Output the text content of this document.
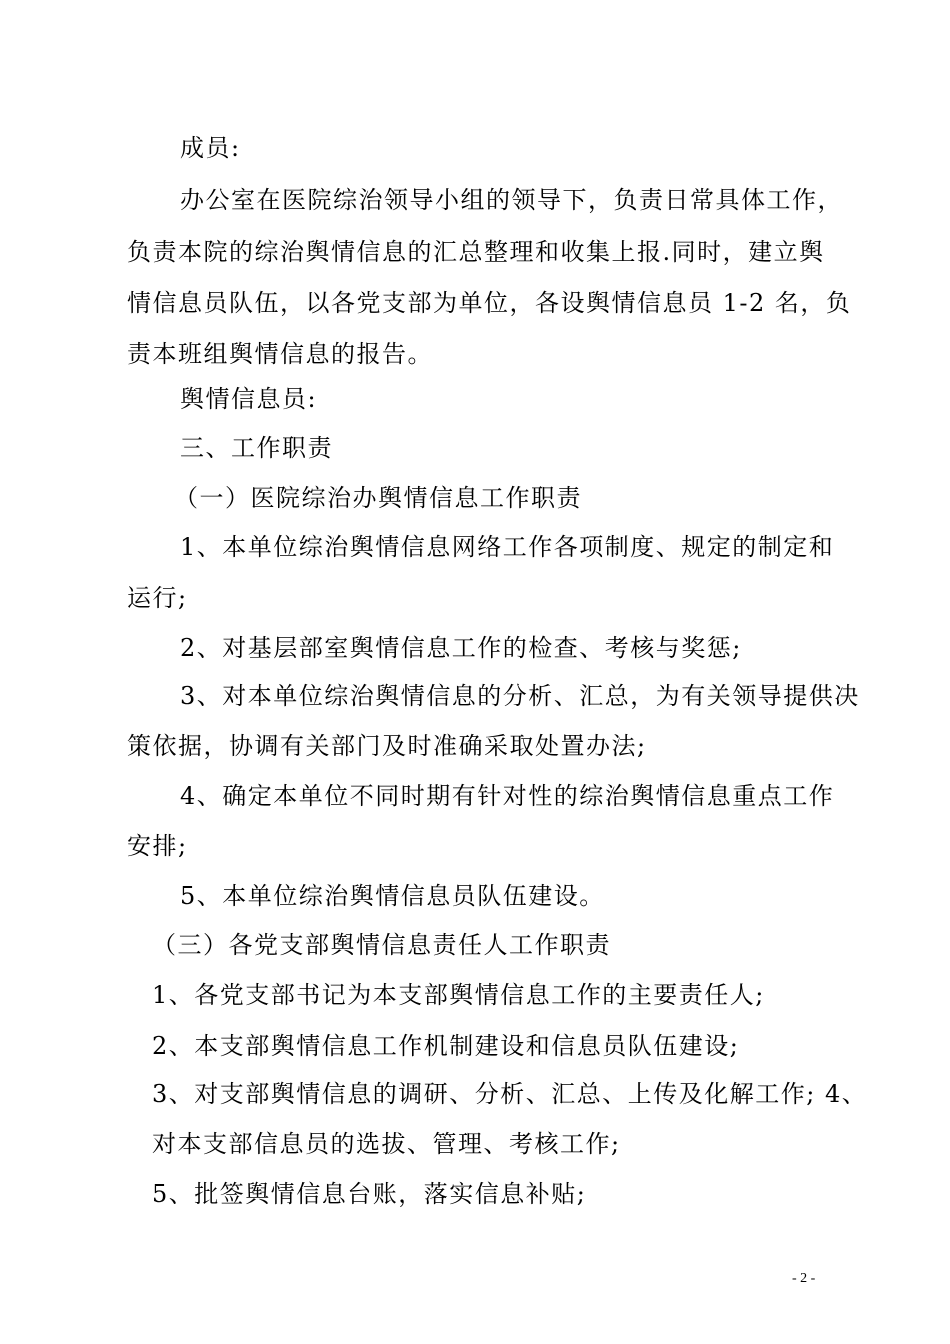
成员:

办公室在医院综治领导小组的领导下，负责日常具体工作，

负责本院的综治舆情信息的汇总整理和收集上报.同时，建立舆

情信息员队伍，以各党支部为单位，各设舆情信息员 1-2 名，负

责本班组舆情信息的报告。

舆情信息员:

三、工作职责

（一）医院综治办舆情信息工作职责

1、本单位综治舆情信息网络工作各项制度、规定的制定和

运行;

2、对基层部室舆情信息工作的检查、考核与奖惩;

3、对本单位综治舆情信息的分析、汇总，为有关领导提供决

策依据，协调有关部门及时准确采取处置办法;

4、确定本单位不同时期有针对性的综治舆情信息重点工作

安排;

5、本单位综治舆情信息员队伍建设。

（三）各党支部舆情信息责任人工作职责

1、各党支部书记为本支部舆情信息工作的主要责任人;

2、本支部舆情信息工作机制建设和信息员队伍建设;

3、对支部舆情信息的调研、分析、汇总、上传及化解工作; 4、

对本支部信息员的选拔、管理、考核工作;

5、批签舆情信息台账，落实信息补贴;

- 2 -
